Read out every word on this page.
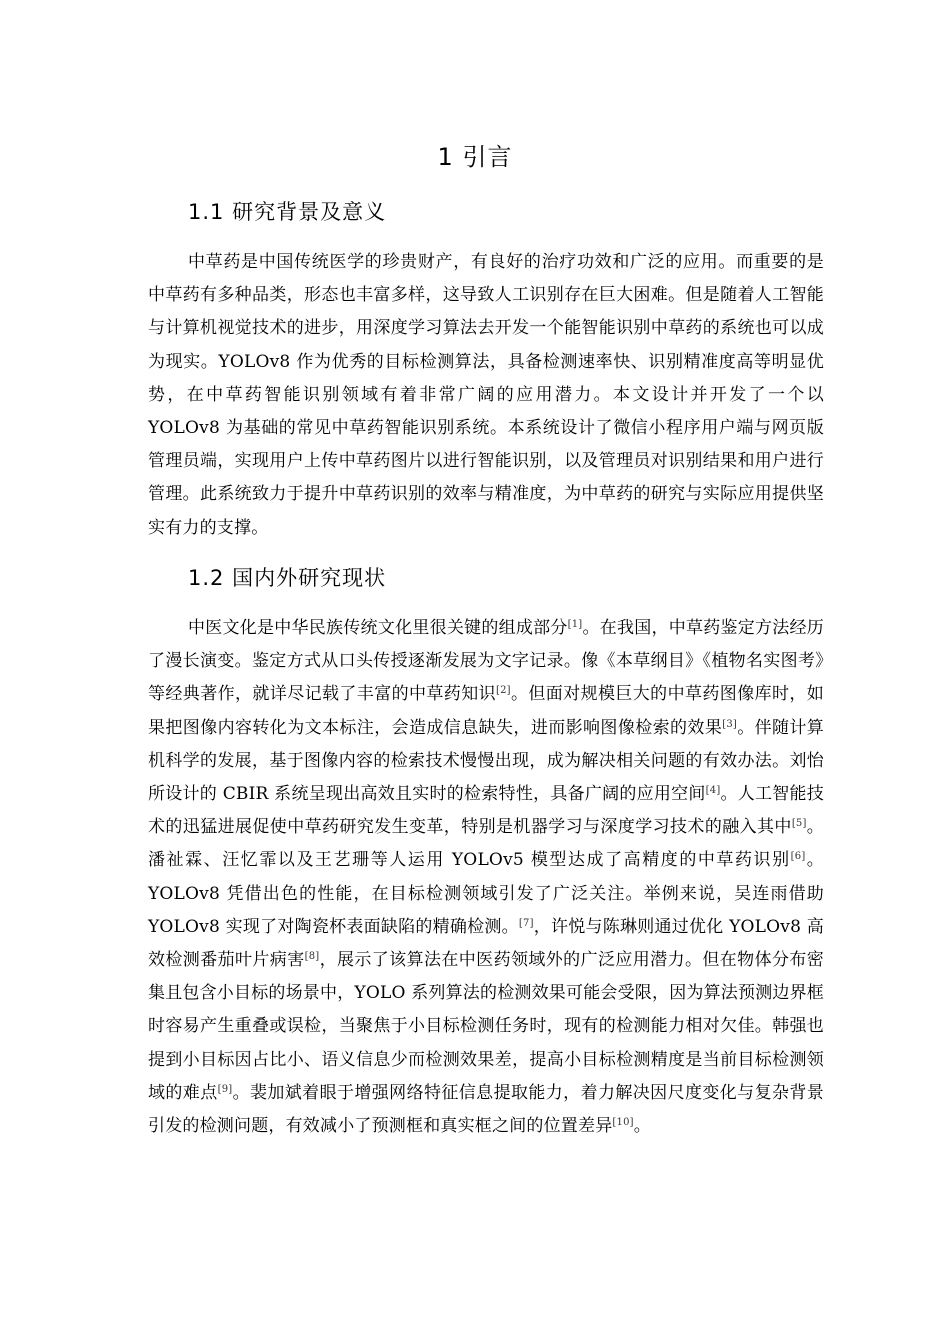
1 引言
1.1 研究背景及意义

中草药是中国传统医学的珍贵财产，有良好的治疗功效和广泛的应用。而重要的是中草药有多种品类，形态也丰富多样，这导致人工识别存在巨大困难。但是随着人工智能与计算机视觉技术的进步，用深度学习算法去开发一个能智能识别中草药的系统也可以成为现实。YOLOv8 作为优秀的目标检测算法，具备检测速率快、识别精准度高等明显优势，在中草药智能识别领域有着非常广阔的应用潜力。本文设计并开发了一个以 YOLOv8 为基础的常见中草药智能识别系统。本系统设计了微信小程序用户端与网页版管理员端，实现用户上传中草药图片以进行智能识别，以及管理员对识别结果和用户进行管理。此系统致力于提升中草药识别的效率与精准度，为中草药的研究与实际应用提供坚实有力的支撑。

1.2 国内外研究现状

中医文化是中华民族传统文化里很关键的组成部分[1]。在我国，中草药鉴定方法经历了漫长演变。鉴定方式从口头传授逐渐发展为文字记录。像《本草纲目》《植物名实图考》等经典著作，就详尽记载了丰富的中草药知识[2]。但面对规模巨大的中草药图像库时，如果把图像内容转化为文本标注，会造成信息缺失，进而影响图像检索的效果[3]。伴随计算机科学的发展，基于图像内容的检索技术慢慢出现，成为解决相关问题的有效办法。刘怡所设计的 CBIR 系统呈现出高效且实时的检索特性，具备广阔的应用空间[4]。人工智能技术的迅猛进展促使中草药研究发生变革，特别是机器学习与深度学习技术的融入其中[5]。潘祉霖、汪忆霏以及王艺珊等人运用 YOLOv5 模型达成了高精度的中草药识别[6]。YOLOv8 凭借出色的性能，在目标检测领域引发了广泛关注。举例来说，吴连雨借助 YOLOv8 实现了对陶瓷杯表面缺陷的精确检测。[7]，许悦与陈琳则通过优化 YOLOv8 高效检测番茄叶片病害[8]，展示了该算法在中医药领域外的广泛应用潜力。但在物体分布密集且包含小目标的场景中，YOLO 系列算法的检测效果可能会受限，因为算法预测边界框时容易产生重叠或误检，当聚焦于小目标检测任务时，现有的检测能力相对欠佳。韩强也提到小目标因占比小、语义信息少而检测效果差，提高小目标检测精度是当前目标检测领域的难点[9]。裴加斌着眼于增强网络特征信息提取能力，着力解决因尺度变化与复杂背景引发的检测问题，有效减小了预测框和真实框之间的位置差异[10]。
